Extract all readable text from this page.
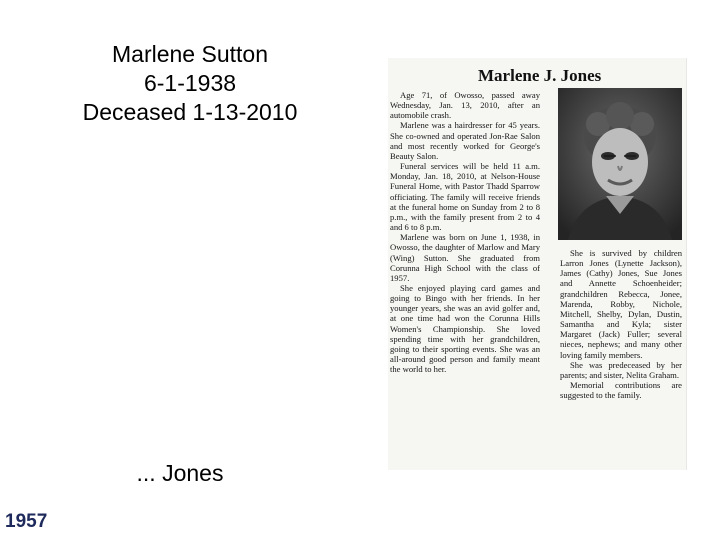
Marlene Sutton
6-1-1938
Deceased 1-13-2010
Marlene J. Jones

Age 71, of Owosso, passed away Wednesday, Jan. 13, 2010, after an automobile crash.

Marlene was a hairdresser for 45 years. She co-owned and operated Jon-Rae Salon and most recently worked for George's Beauty Salon.

Funeral services will be held 11 a.m. Monday, Jan. 18, 2010, at Nelson-House Funeral Home, with Pastor Thadd Sparrow officiating. The family will receive friends at the funeral home on Sunday from 2 to 8 p.m., with the family present from 2 to 4 and 6 to 8 p.m.

Marlene was born on June 1, 1938, in Owosso, the daughter of Marlow and Mary (Wing) Sutton. She graduated from Corunna High School with the class of 1957.

She enjoyed playing card games and going to Bingo with her friends. In her younger years, she was an avid golfer and, at one time had won the Corunna Hills Women's Championship. She loved spending time with her grandchildren, going to their sporting events. She was an all-around good person and family meant the world to her.

She is survived by children Larron Jones (Lynette Jackson), James (Cathy) Jones, Sue Jones and Annette Schoenheider; grandchildren Rebecca, Jonee, Marenda, Robby, Nichole, Mitchell, Shelby, Dylan, Dustin, Samantha and Kyla; sister Margaret (Jack) Fuller; several nieces, nephews; and many other loving family members.

She was predeceased by her parents; and sister, Nelita Graham.

Memorial contributions are suggested to the family.

... Jones
1957
